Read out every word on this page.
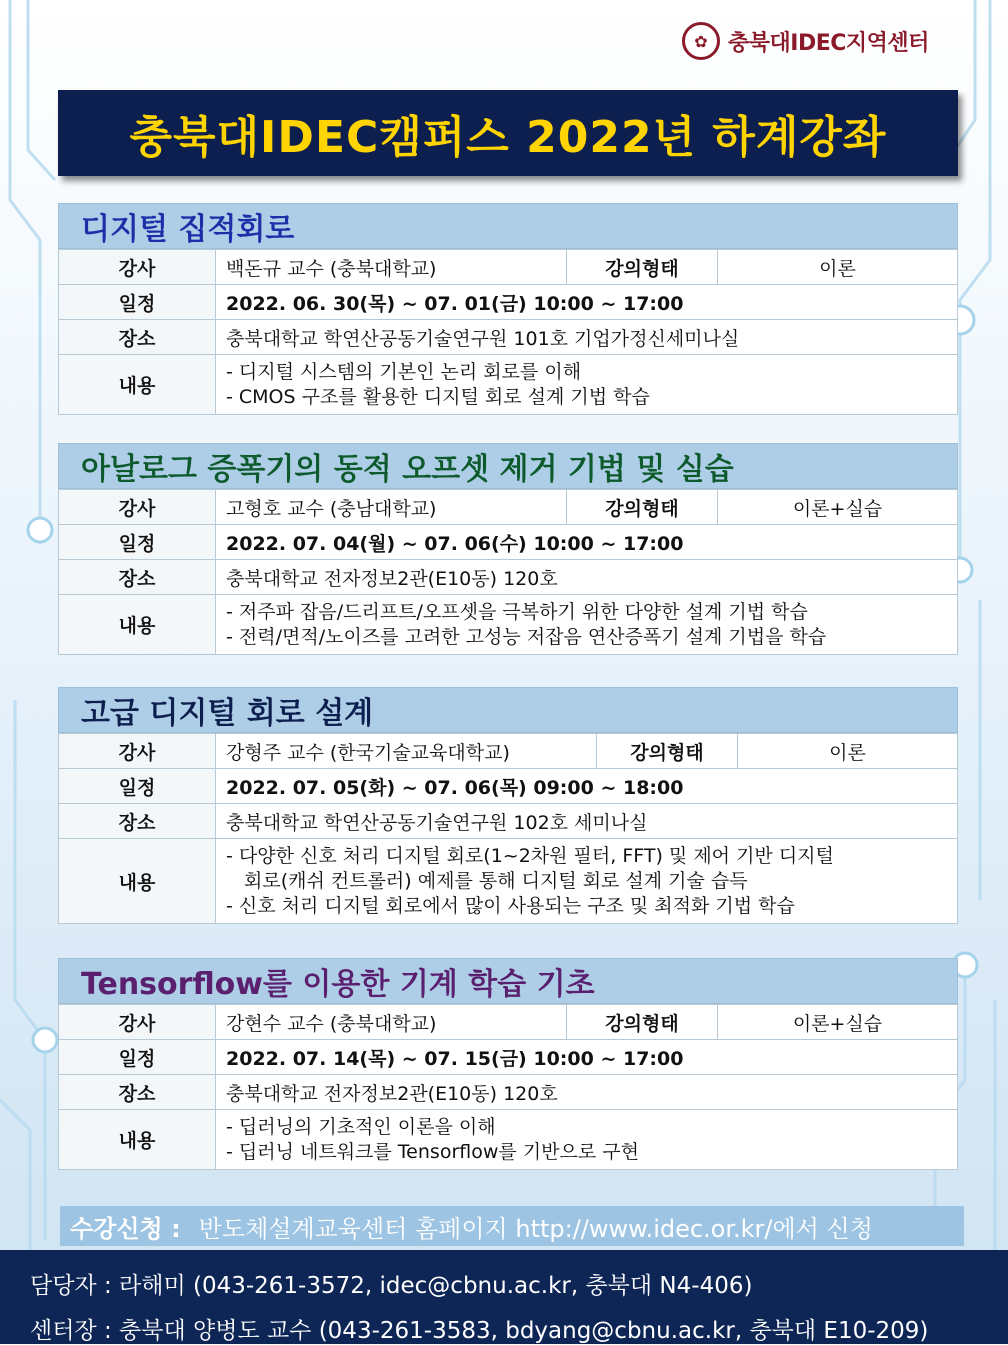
✿ 충북대IDEC지역센터
충북대IDEC캠퍼스 2022년 하계강좌
디지털 집적회로
강사	백돈규 교수 (충북대학교)	강의형태	이론
일정	2022. 06. 30(목) ~ 07. 01(금) 10:00 ~ 17:00		
장소	충북대학교 학연산공동기술연구원 101호 기업가정신세미나실		
내용	- 디지털 시스템의 기본인 논리 회로를 이해
- CMOS 구조를 활용한 디지털 회로 설계 기법 학습		
아날로그 증폭기의 동적 오프셋 제거 기법 및 실습
강사	고형호 교수 (충남대학교)	강의형태	이론+실습
일정	2022. 07. 04(월) ~ 07. 06(수) 10:00 ~ 17:00		
장소	충북대학교 전자정보2관(E10동) 120호		
내용	- 저주파 잡음/드리프트/오프셋을 극복하기 위한 다양한 설계 기법 학습
- 전력/면적/노이즈를 고려한 고성능 저잡음 연산증폭기 설계 기법을 학습		
고급 디지털 회로 설계
강사	강형주 교수 (한국기술교육대학교)	강의형태	이론
일정	2022. 07. 05(화) ~ 07. 06(목) 09:00 ~ 18:00		
장소	충북대학교 학연산공동기술연구원 102호 세미나실		
내용	- 다양한 신호 처리 디지털 회로(1~2차원 필터, FFT) 및 제어 기반 디지털
회로(캐쉬 컨트롤러) 예제를 통해 디지털 회로 설계 기술 습득
- 신호 처리 디지털 회로에서 많이 사용되는 구조 및 최적화 기법 학습		
Tensorflow를 이용한 기계 학습 기초
강사	강현수 교수 (충북대학교)	강의형태	이론+실습
일정	2022. 07. 14(목) ~ 07. 15(금) 10:00 ~ 17:00		
장소	충북대학교 전자정보2관(E10동) 120호		
내용	- 딥러닝의 기초적인 이론을 이해
- 딥러닝 네트워크를 Tensorflow를 기반으로 구현		
수강신청 : 반도체설계교육센터 홈페이지 http://www.idec.or.kr/에서 신청
담당자 : 라해미 (043-261-3572, idec@cbnu.ac.kr, 충북대 N4-406)
센터장 : 충북대 양병도 교수 (043-261-3583, bdyang@cbnu.ac.kr, 충북대 E10-209)
